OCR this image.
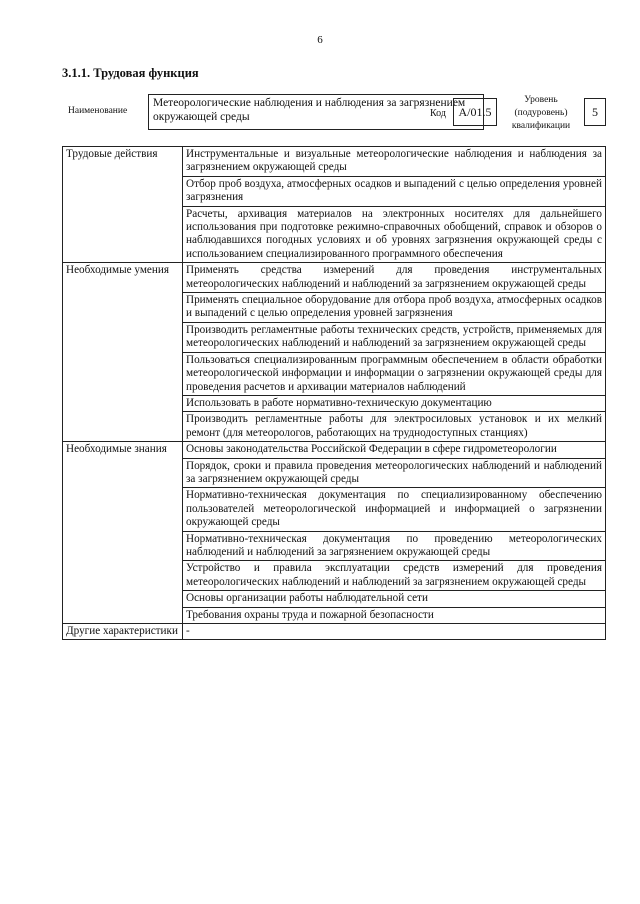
6
3.1.1. Трудовая функция
Наименование
Метеорологические наблюдения и наблюдения за загрязнением окружающей среды	Код	A/01.5
Уровень
(подуровень)
квалификации
5
Трудовые действия	Инструментальные и визуальные метеорологические наблюдения и наблюдения за загрязнением окружающей среды
	Отбор проб воздуха, атмосферных осадков и выпадений с целью определения уровней загрязнения
	Расчеты, архивация материалов на электронных носителях для дальнейшего использования при подготовке режимно-справочных обобщений, справок и обзоров о наблюдавшихся погодных условиях и об уровнях загрязнения окружающей среды с использованием специализированного программного обеспечения
Необходимые умения	Применять средства измерений для проведения инструментальных метеорологических наблюдений и наблюдений за загрязнением окружающей среды
	Применять специальное оборудование для отбора проб воздуха, атмосферных осадков и выпадений с целью определения уровней загрязнения
	Производить регламентные работы технических средств, устройств, применяемых для метеорологических наблюдений и наблюдений за загрязнением окружающей среды
	Пользоваться специализированным программным обеспечением в области обработки метеорологической информации и информации о загрязнении окружающей среды для проведения расчетов и архивации материалов наблюдений
	Использовать в работе нормативно-техническую документацию
	Производить регламентные работы для электросиловых установок и их мелкий ремонт (для метеорологов, работающих на труднодоступных станциях)
Необходимые знания	Основы законодательства Российской Федерации в сфере гидрометеорологии
	Порядок, сроки и правила проведения метеорологических наблюдений и наблюдений за загрязнением окружающей среды
	Нормативно-техническая документация по специализированному обеспечению пользователей метеорологической информацией и информацией о загрязнении окружающей среды
	Нормативно-техническая документация по проведению метеорологических наблюдений и наблюдений за загрязнением окружающей среды
	Устройство и правила эксплуатации средств измерений для проведения метеорологических наблюдений и наблюдений за загрязнением окружающей среды
	Основы организации работы наблюдательной сети
	Требования охраны труда и пожарной безопасности
Другие характеристики	-
